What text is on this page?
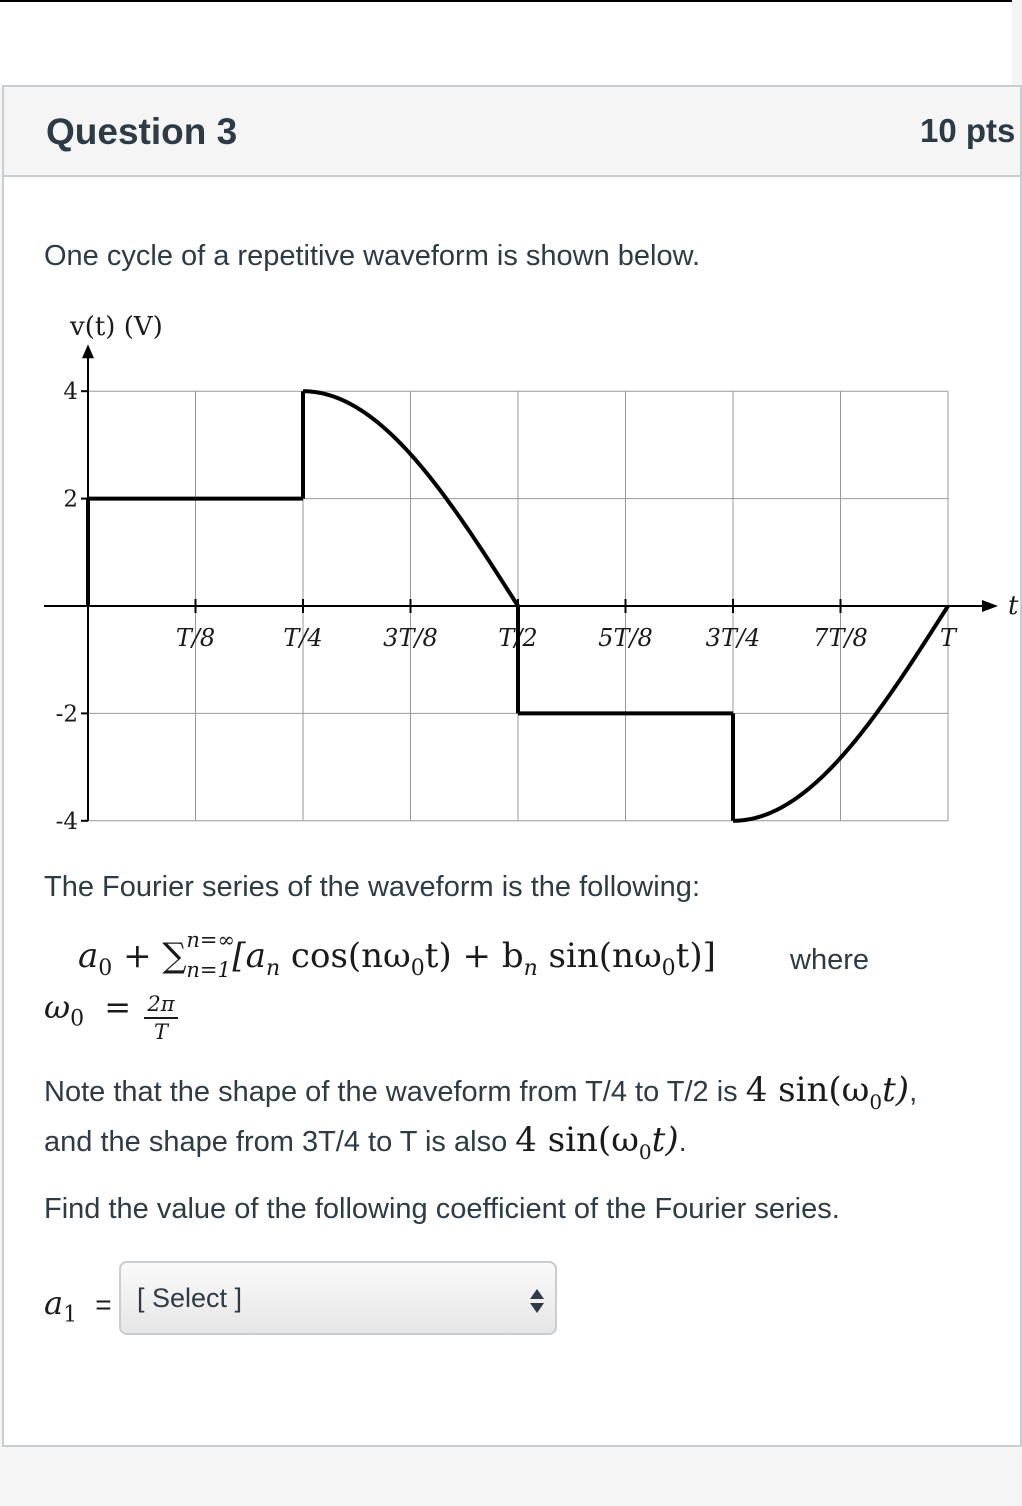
Question 3	10 pts
One cycle of a repetitive waveform is shown below.
4
2
-2
-4
T/8	T/4	3T/8	T/2	5T/8 3T/4 7T/8	T
v(t) (V)
t
The Fourier series of the waveform is the following:
$a_0$ + ∑ n=∞
n=1 [$a_n$ $\cos(n\omega_0t) + b_n$ $\sin(n\omega_0t)$]	where
$\omega_0 = 2\pi$
T
Note that the shape of the waveform from T/4 to T/2 is 4 $\sin(\omega_0t)$,
and the shape from 3T/4 to T is also 4 $\sin(\omega_0t)$.
Find the value of the following coefficient of the Fourier series.
$a_1$ = [ Select ]
